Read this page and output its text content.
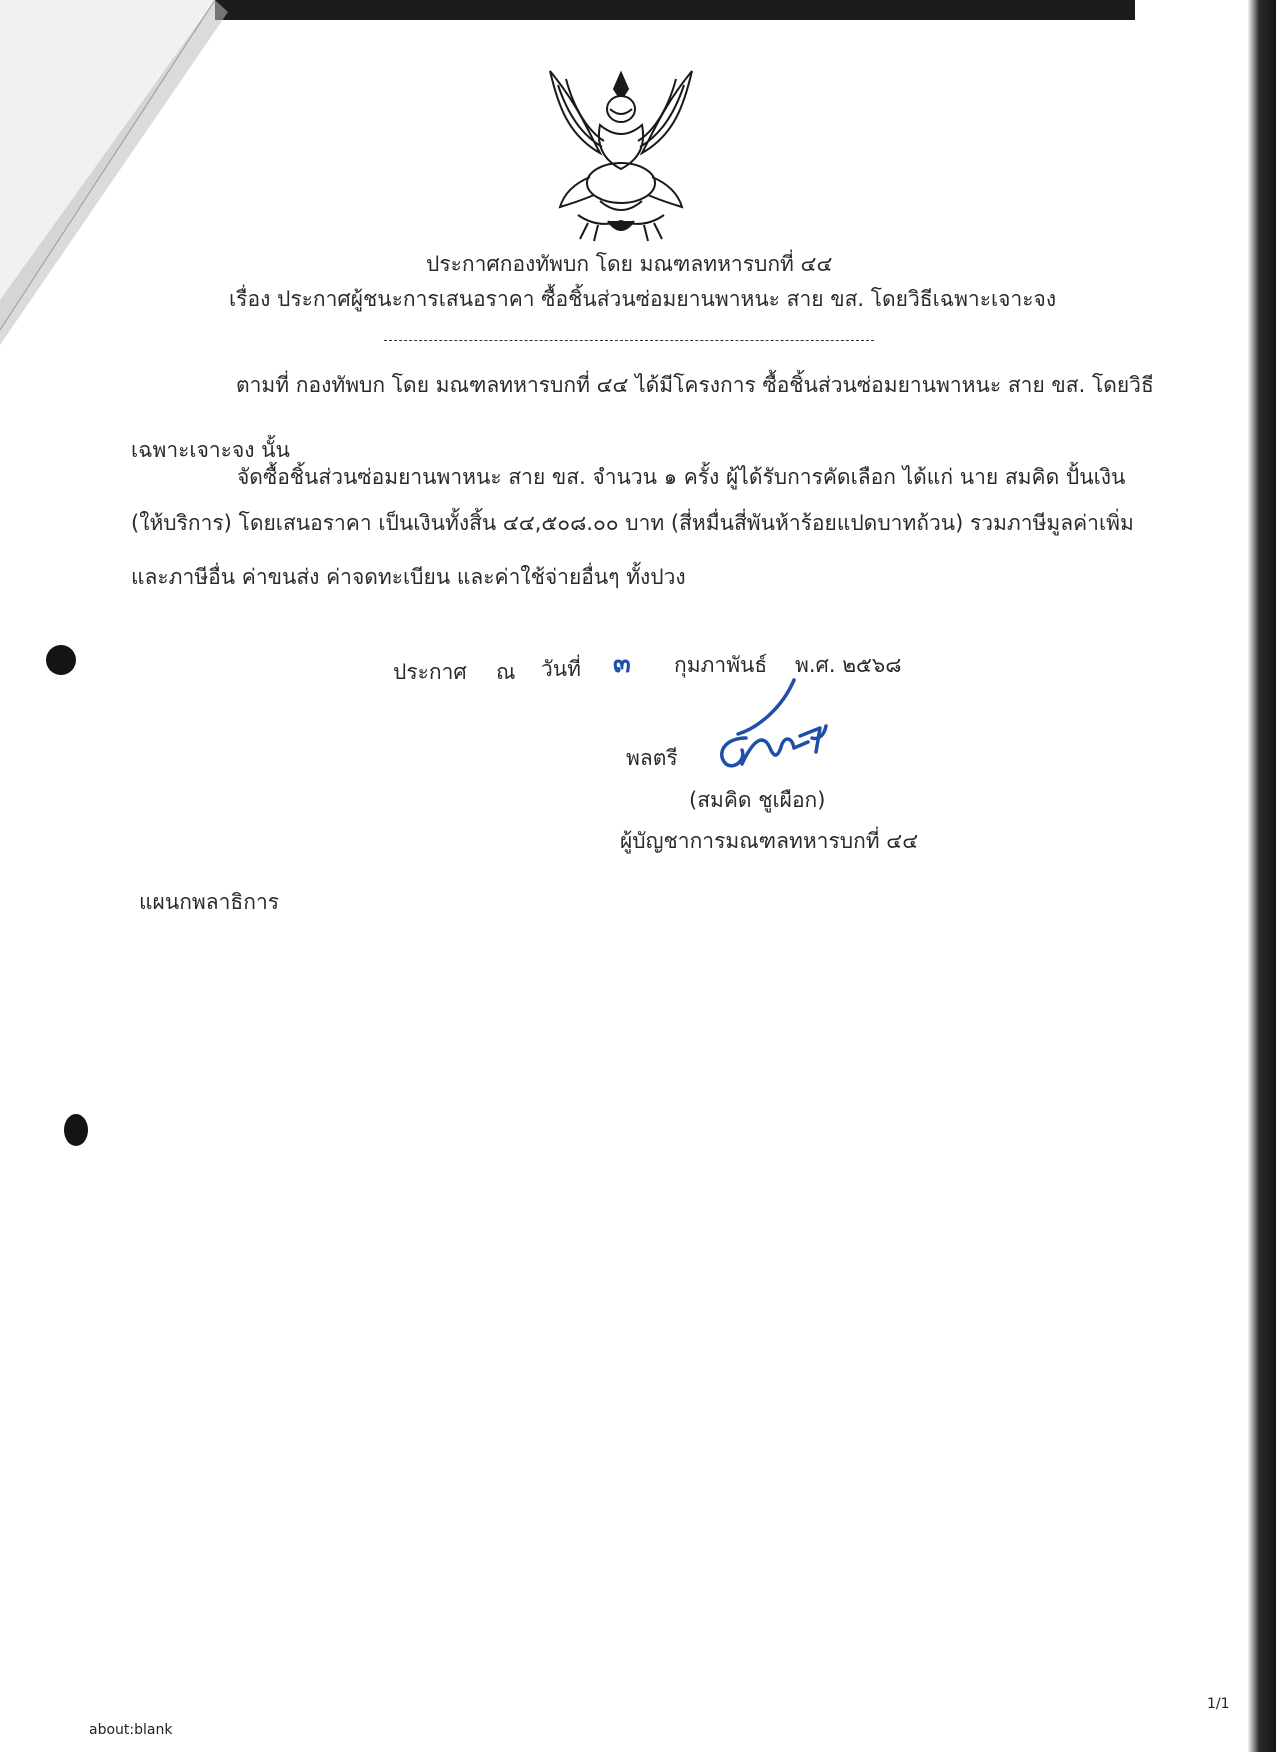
ประกาศกองทัพบก โดย มณฑลทหารบกที่ ๔๔
เรื่อง ประกาศผู้ชนะการเสนอราคา ซื้อชิ้นส่วนซ่อมยานพาหนะ สาย ขส. โดยวิธีเฉพาะเจาะจง
ตามที่ กองทัพบก โดย มณฑลทหารบกที่ ๔๔ ได้มีโครงการ ซื้อชิ้นส่วนซ่อมยานพาหนะ สาย ขส. โดยวิธี
เฉพาะเจาะจง นั้น
จัดซื้อชิ้นส่วนซ่อมยานพาหนะ สาย ขส. จำนวน ๑ ครั้ง ผู้ได้รับการคัดเลือก ได้แก่ นาย สมคิด ปั้นเงิน
(ให้บริการ) โดยเสนอราคา เป็นเงินทั้งสิ้น ๔๔,๕๐๘.๐๐ บาท (สี่หมื่นสี่พันห้าร้อยแปดบาทถ้วน) รวมภาษีมูลค่าเพิ่ม
และภาษีอื่น ค่าขนส่ง ค่าจดทะเบียน และค่าใช้จ่ายอื่นๆ ทั้งปวง
ประกาศ ณ วันที่ ๓ กุมภาพันธ์ พ.ศ. ๒๕๖๘
พลตรี
(สมคิด ชูเผือก)
ผู้บัญชาการมณฑลทหารบกที่ ๔๔
แผนกพลาธิการ
about:blank
1/1
